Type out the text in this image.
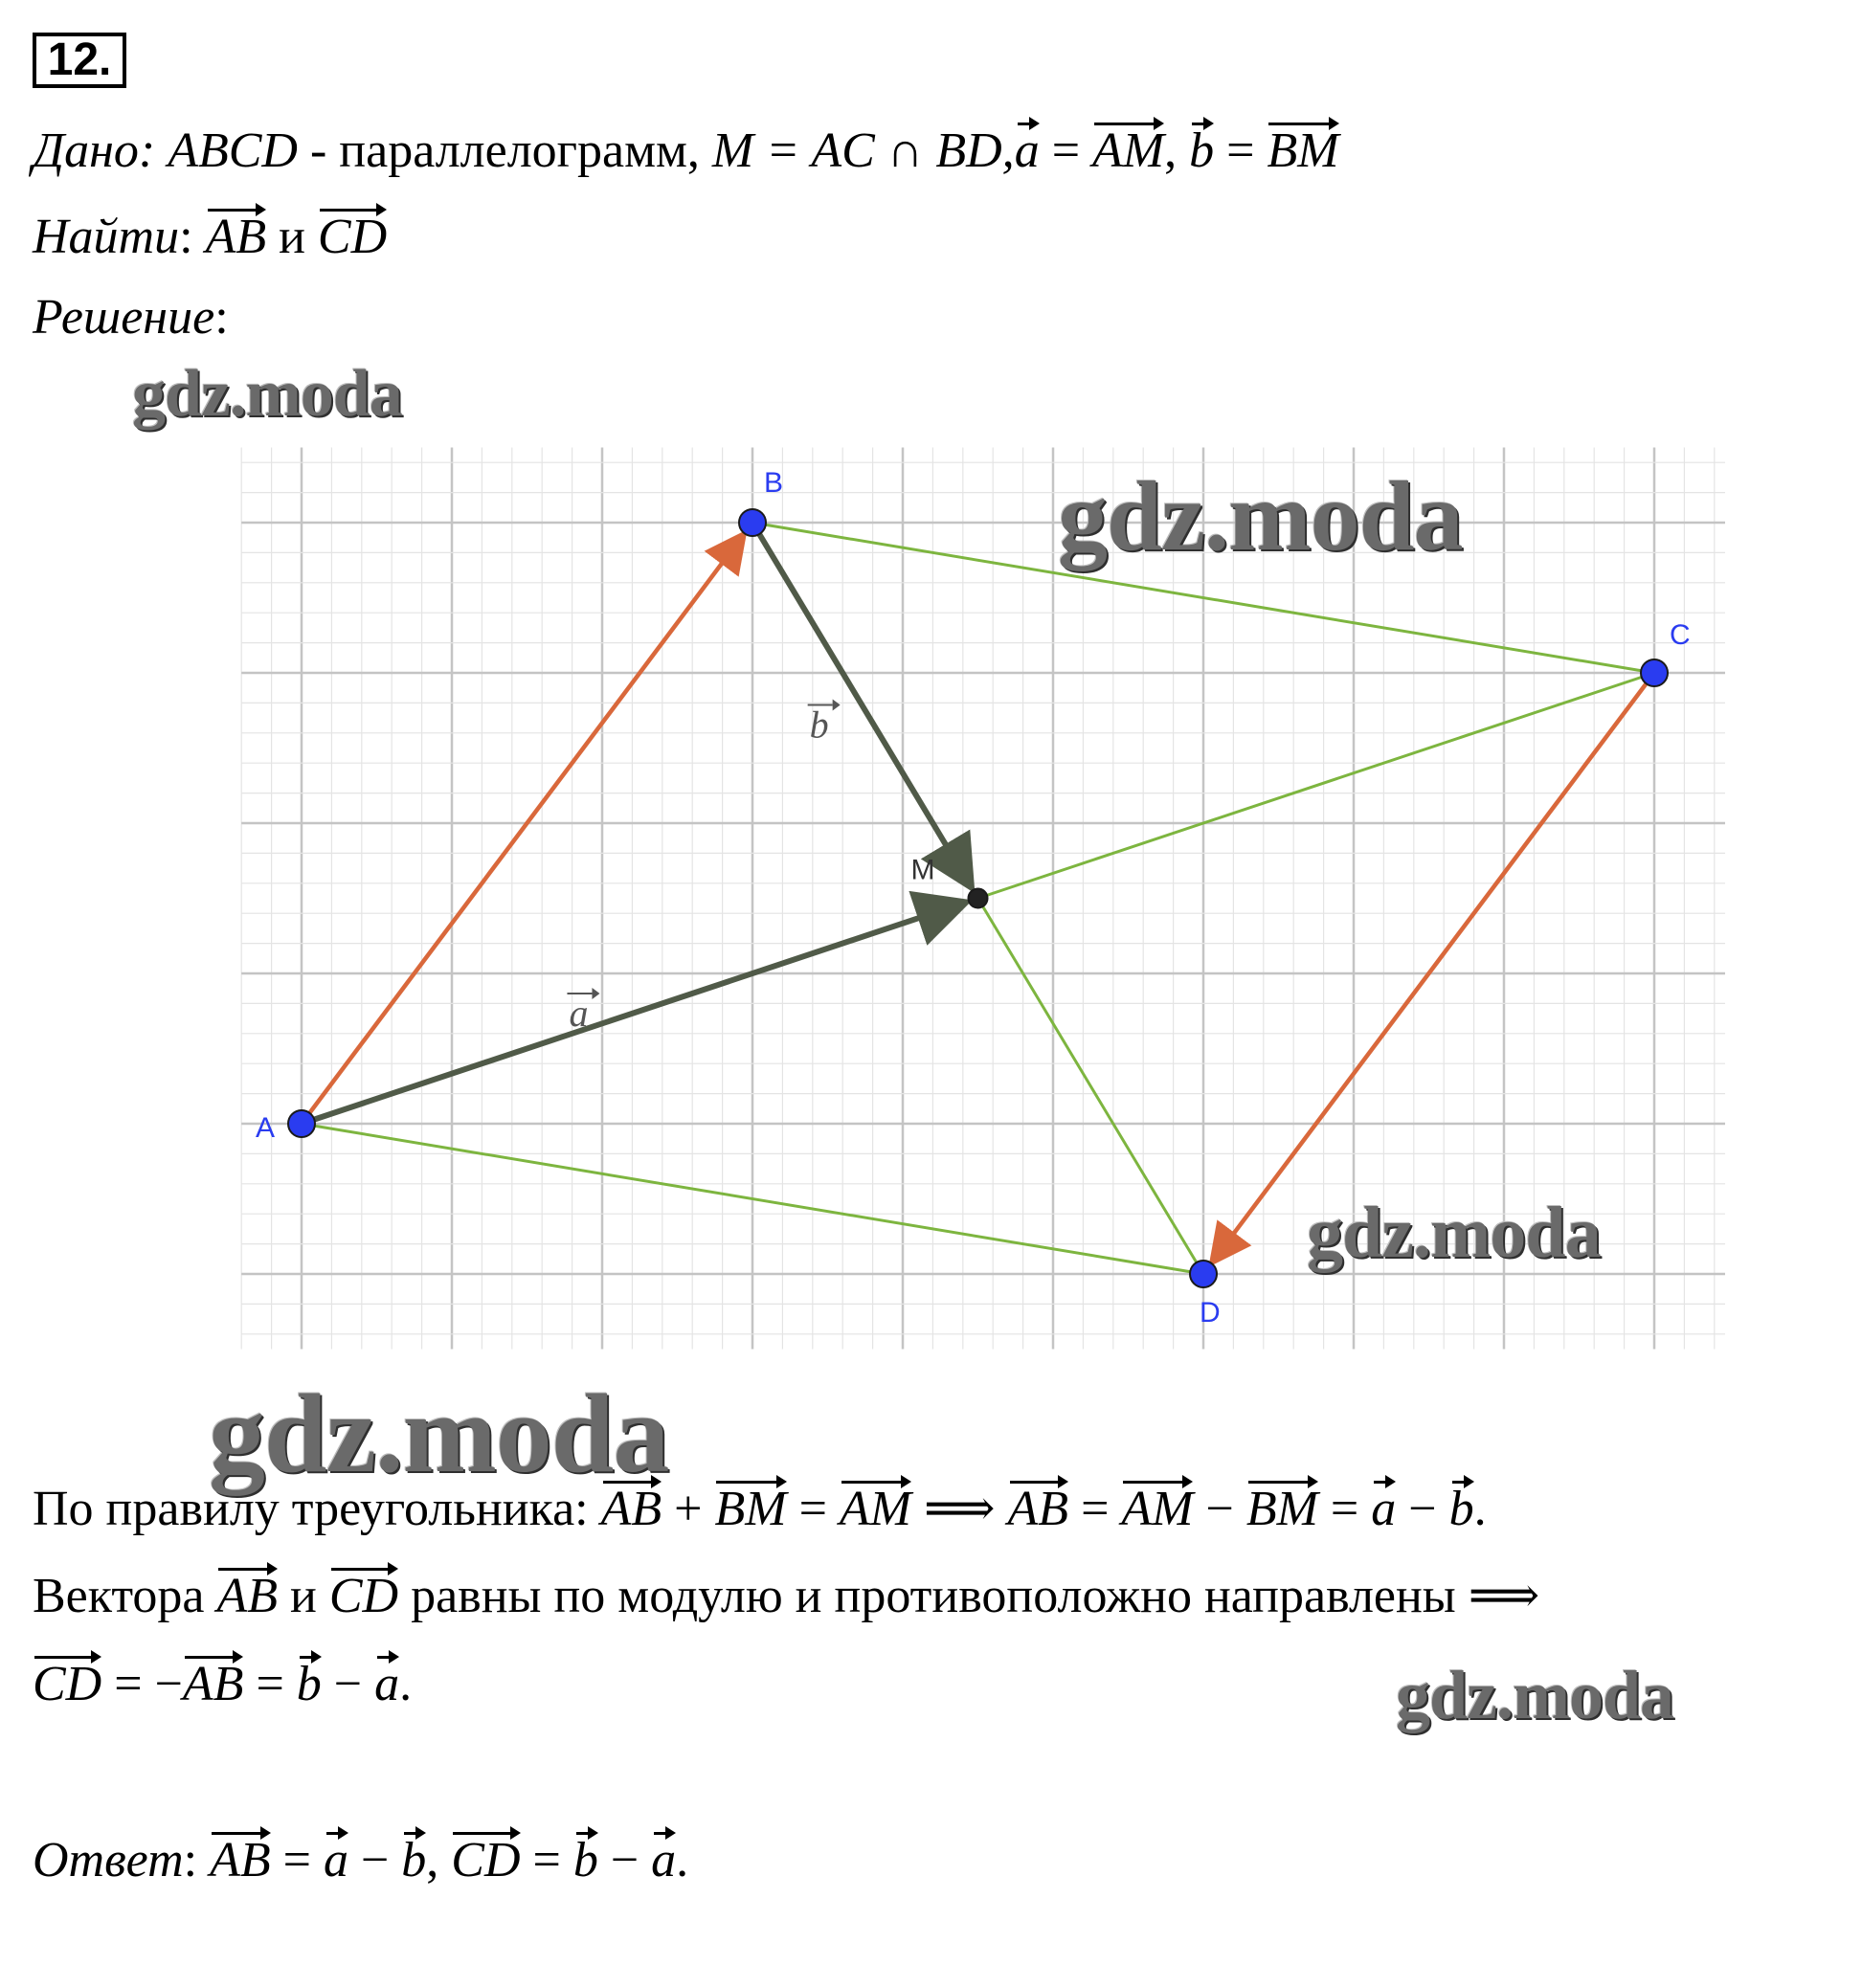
12.
Дано: ABCD - параллелограмм, M = AC ∩ BD,a = AM, b = BM
Найти: AB и CD
Решение:
A
B
C
D
M
a
b
gdz.moda
gdz.moda
gdz.moda
gdz.moda
gdz.moda
По правилу треугольника: AB + BM = AM ⟹ AB = AM − BM = a − b.
Вектора AB и CD равны по модулю и противоположно направлены ⟹
CD = −AB = b − a.
Ответ: AB = a − b, CD = b − a.
